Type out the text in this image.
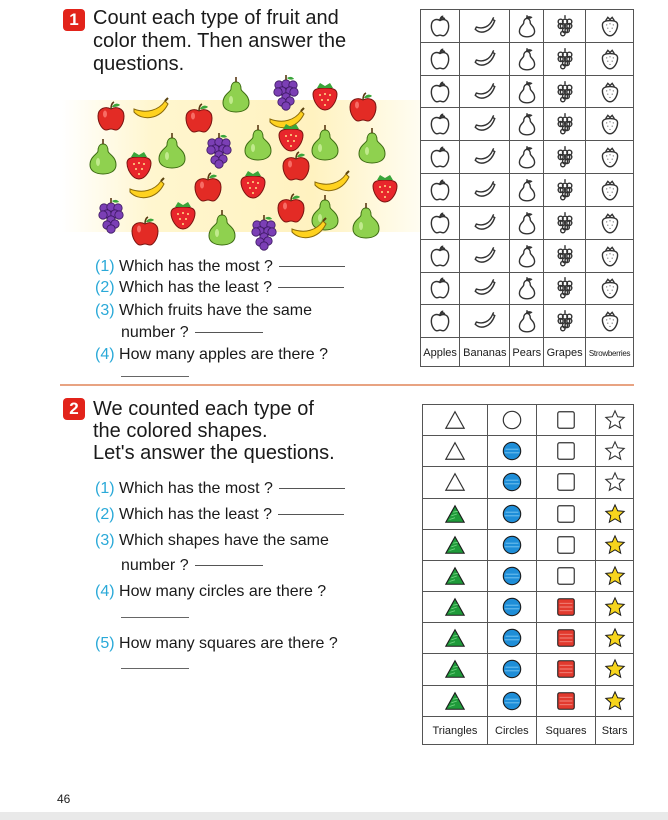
1 Count each type of fruit and
color them. Then answer the
questions.
(1) Which has the most ?
(2) Which has the least ?
(3) Which fruits have the same
number ?
(4) How many apples are there ?

		Apples	Bananas	Pears	Grapes	Strowberries
2 We counted each type of
the colored shapes.
Let's answer the questions.
(1) Which has the most ?
(2) Which has the least ?
(3) Which shapes have the same
number ?
(4) How many circles are there ?
(5) How many squares are there ?

Triangles	Circles	Squares	Stars
46
